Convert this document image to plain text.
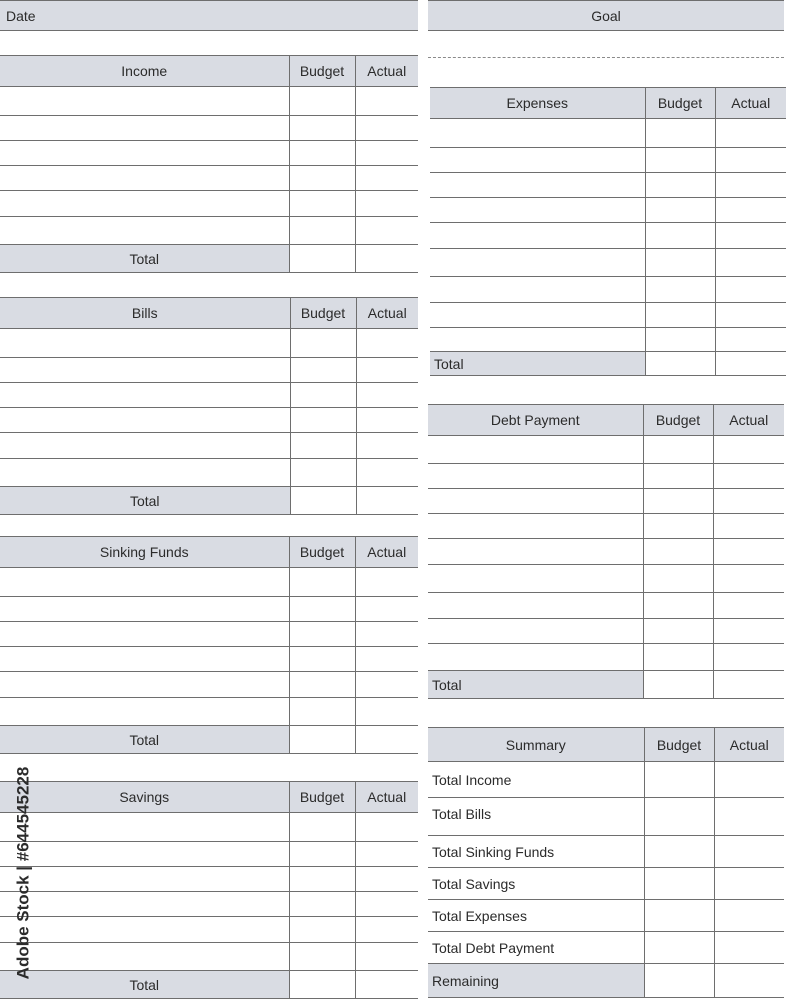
Date	Goal
Income	Budget	Actual

Total		
Bills	Budget	Actual

Total		
Sinking Funds	Budget	Actual

Total		
Savings	Budget	Actual

Total		
Expenses	Budget	Actual

Total		
Debt Payment	Budget	Actual

Total		
Summary	Budget	Actual
Total Income		
Total Bills		
Total Sinking Funds		
Total Savings		
Total Expenses		
Total Debt Payment		
Remaining		
Adobe Stock | #644545228
